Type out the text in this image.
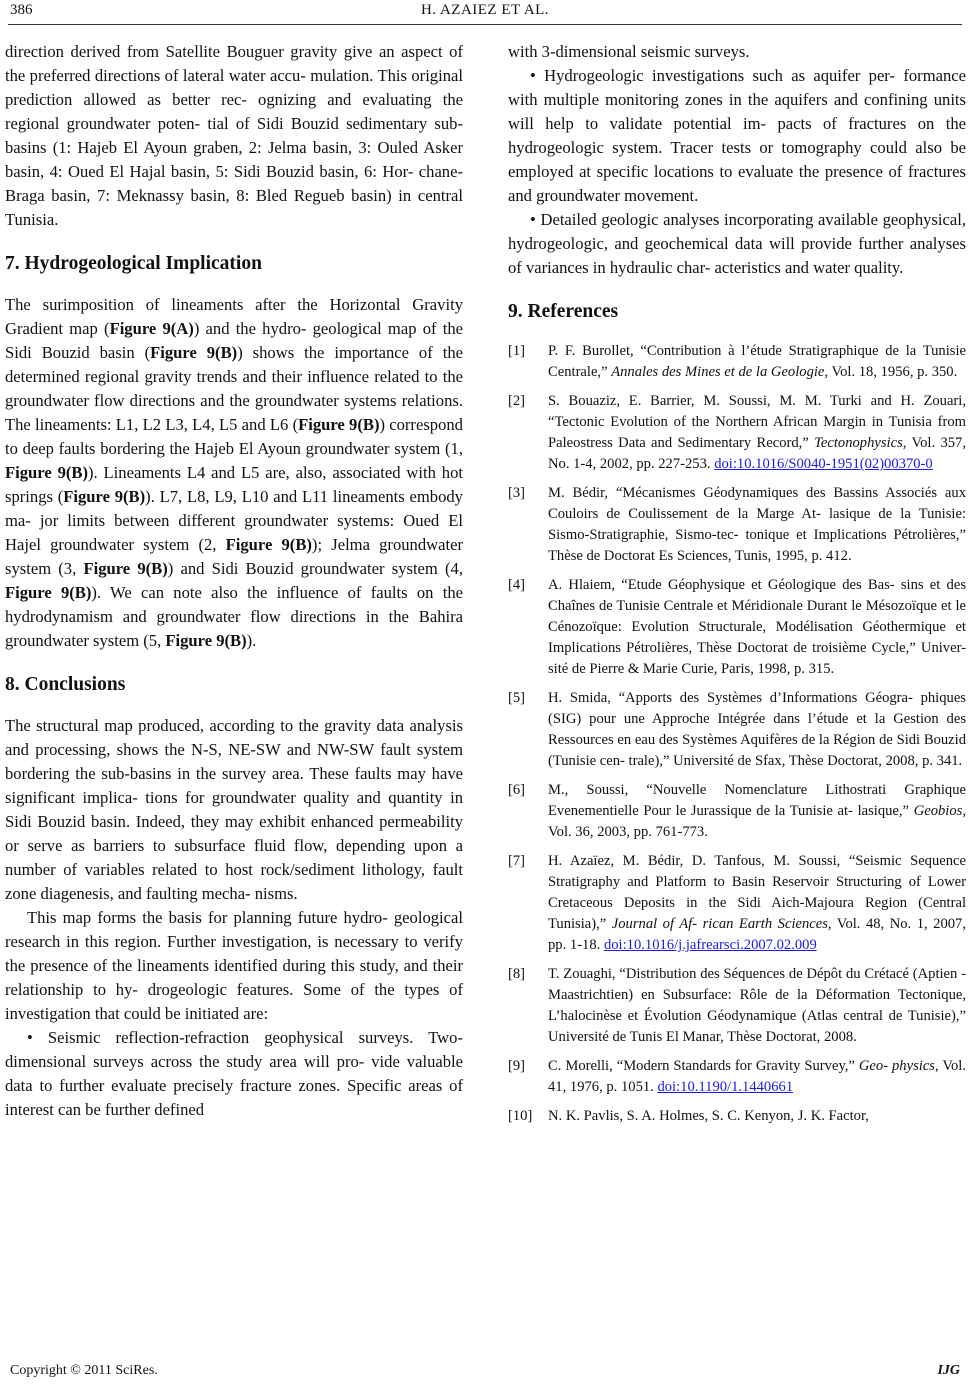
386	H. AZAIEZ ET AL.

direction derived from Satellite Bouguer gravity give an aspect of the preferred directions of lateral water accu- mulation. This original prediction allowed as better rec- ognizing and evaluating the regional groundwater poten- tial of Sidi Bouzid sedimentary sub- basins (1: Hajeb El Ayoun graben, 2: Jelma basin, 3: Ouled Asker basin, 4: Oued El Hajal basin, 5: Sidi Bouzid basin, 6: Hor- chane-Braga basin, 7: Meknassy basin, 8: Bled Regueb basin) in central Tunisia.

7. Hydrogeological Implication

The surimposition of lineaments after the Horizontal Gravity Gradient map (Figure 9(A)) and the hydro- geological map of the Sidi Bouzid basin (Figure 9(B)) shows the importance of the determined regional gravity trends and their influence related to the groundwater flow directions and the groundwater systems relations. The lineaments: L1, L2 L3, L4, L5 and L6 (Figure 9(B)) correspond to deep faults bordering the Hajeb El Ayoun groundwater system (1, Figure 9(B)). Lineaments L4 and L5 are, also, associated with hot springs (Figure 9(B)). L7, L8, L9, L10 and L11 lineaments embody ma- jor limits between different groundwater systems: Oued El Hajel groundwater system (2, Figure 9(B)); Jelma groundwater system (3, Figure 9(B)) and Sidi Bouzid groundwater system (4, Figure 9(B)). We can note also the influence of faults on the hydrodynamism and groundwater flow directions in the Bahira groundwater system (5, Figure 9(B)).

8. Conclusions

The structural map produced, according to the gravity data analysis and processing, shows the N-S, NE-SW and NW-SW fault system bordering the sub-basins in the survey area. These faults may have significant implica- tions for groundwater quality and quantity in Sidi Bouzid basin. Indeed, they may exhibit enhanced permeability or serve as barriers to subsurface fluid flow, depending upon a number of variables related to host rock/sediment lithology, fault zone diagenesis, and faulting mecha- nisms.

This map forms the basis for planning future hydro- geological research in this region. Further investigation, is necessary to verify the presence of the lineaments identified during this study, and their relationship to hy- drogeologic features. Some of the types of investigation that could be initiated are:

• Seismic reflection-refraction geophysical surveys. Two-dimensional surveys across the study area will pro- vide valuable data to further evaluate precisely fracture zones. Specific areas of interest can be further defined

with 3-dimensional seismic surveys.

• Hydrogeologic investigations such as aquifer per- formance with multiple monitoring zones in the aquifers and confining units will help to validate potential im- pacts of fractures on the hydrogeologic system. Tracer tests or tomography could also be employed at specific locations to evaluate the presence of fractures and groundwater movement.

• Detailed geologic analyses incorporating available geophysical, hydrogeologic, and geochemical data will provide further analyses of variances in hydraulic char- acteristics and water quality.

9. References
[1] P. F. Burollet, “Contribution à l’étude Stratigraphique de la Tunisie Centrale,” Annales des Mines et de la Geologie, Vol. 18, 1956, p. 350.
[2] S. Bouaziz, E. Barrier, M. Soussi, M. M. Turki and H. Zouari, “Tectonic Evolution of the Northern African Margin in Tunisia from Paleostress Data and Sedimentary Record,” Tectonophysics, Vol. 357, No. 1-4, 2002, pp. 227-253. doi:10.1016/S0040-1951(02)00370-0
[3] M. Bédir, “Mécanismes Géodynamiques des Bassins Associés aux Couloirs de Coulissement de la Marge At- lasique de la Tunisie: Sismo-Stratigraphie, Sismo-tec- tonique et Implications Pétrolières,” Thèse de Doctorat Es Sciences, Tunis, 1995, p. 412.
[4] A. Hlaiem, “Etude Géophysique et Géologique des Bas- sins et des Chaînes de Tunisie Centrale et Méridionale Durant le Mésozoïque et le Cénozoïque: Evolution Structurale, Modélisation Géothermique et Implications Pétrolières, Thèse Doctorat de troisième Cycle,” Univer- sité de Pierre & Marie Curie, Paris, 1998, p. 315.
[5] H. Smida, “Apports des Systèmes d’Informations Géogra- phiques (SIG) pour une Approche Intégrée dans l’étude et la Gestion des Ressources en eau des Systèmes Aquifères de la Région de Sidi Bouzid (Tunisie cen- trale),” Université de Sfax, Thèse Doctorat, 2008, p. 341.
[6] M., Soussi, “Nouvelle Nomenclature Lithostrati Graphique Evenementielle Pour le Jurassique de la Tunisie at- lasique,” Geobios, Vol. 36, 2003, pp. 761-773.
[7] H. Azaïez, M. Bédir, D. Tanfous, M. Soussi, “Seismic Sequence Stratigraphy and Platform to Basin Reservoir Structuring of Lower Cretaceous Deposits in the Sidi Aich-Majoura Region (Central Tunisia),” Journal of Af- rican Earth Sciences, Vol. 48, No. 1, 2007, pp. 1-18. doi:10.1016/j.jafrearsci.2007.02.009
[8] T. Zouaghi, “Distribution des Séquences de Dépôt du Crétacé (Aptien - Maastrichtien) en Subsurface: Rôle de la Déformation Tectonique, L’halocinèse et Évolution Géodynamique (Atlas central de Tunisie),” Université de Tunis El Manar, Thèse Doctorat, 2008.
[9] C. Morelli, “Modern Standards for Gravity Survey,” Geo- physics, Vol. 41, 1976, p. 1051. doi:10.1190/1.1440661
[10] N. K. Pavlis, S. A. Holmes, S. C. Kenyon, J. K. Factor,
Copyright © 2011 SciRes.	IJG
